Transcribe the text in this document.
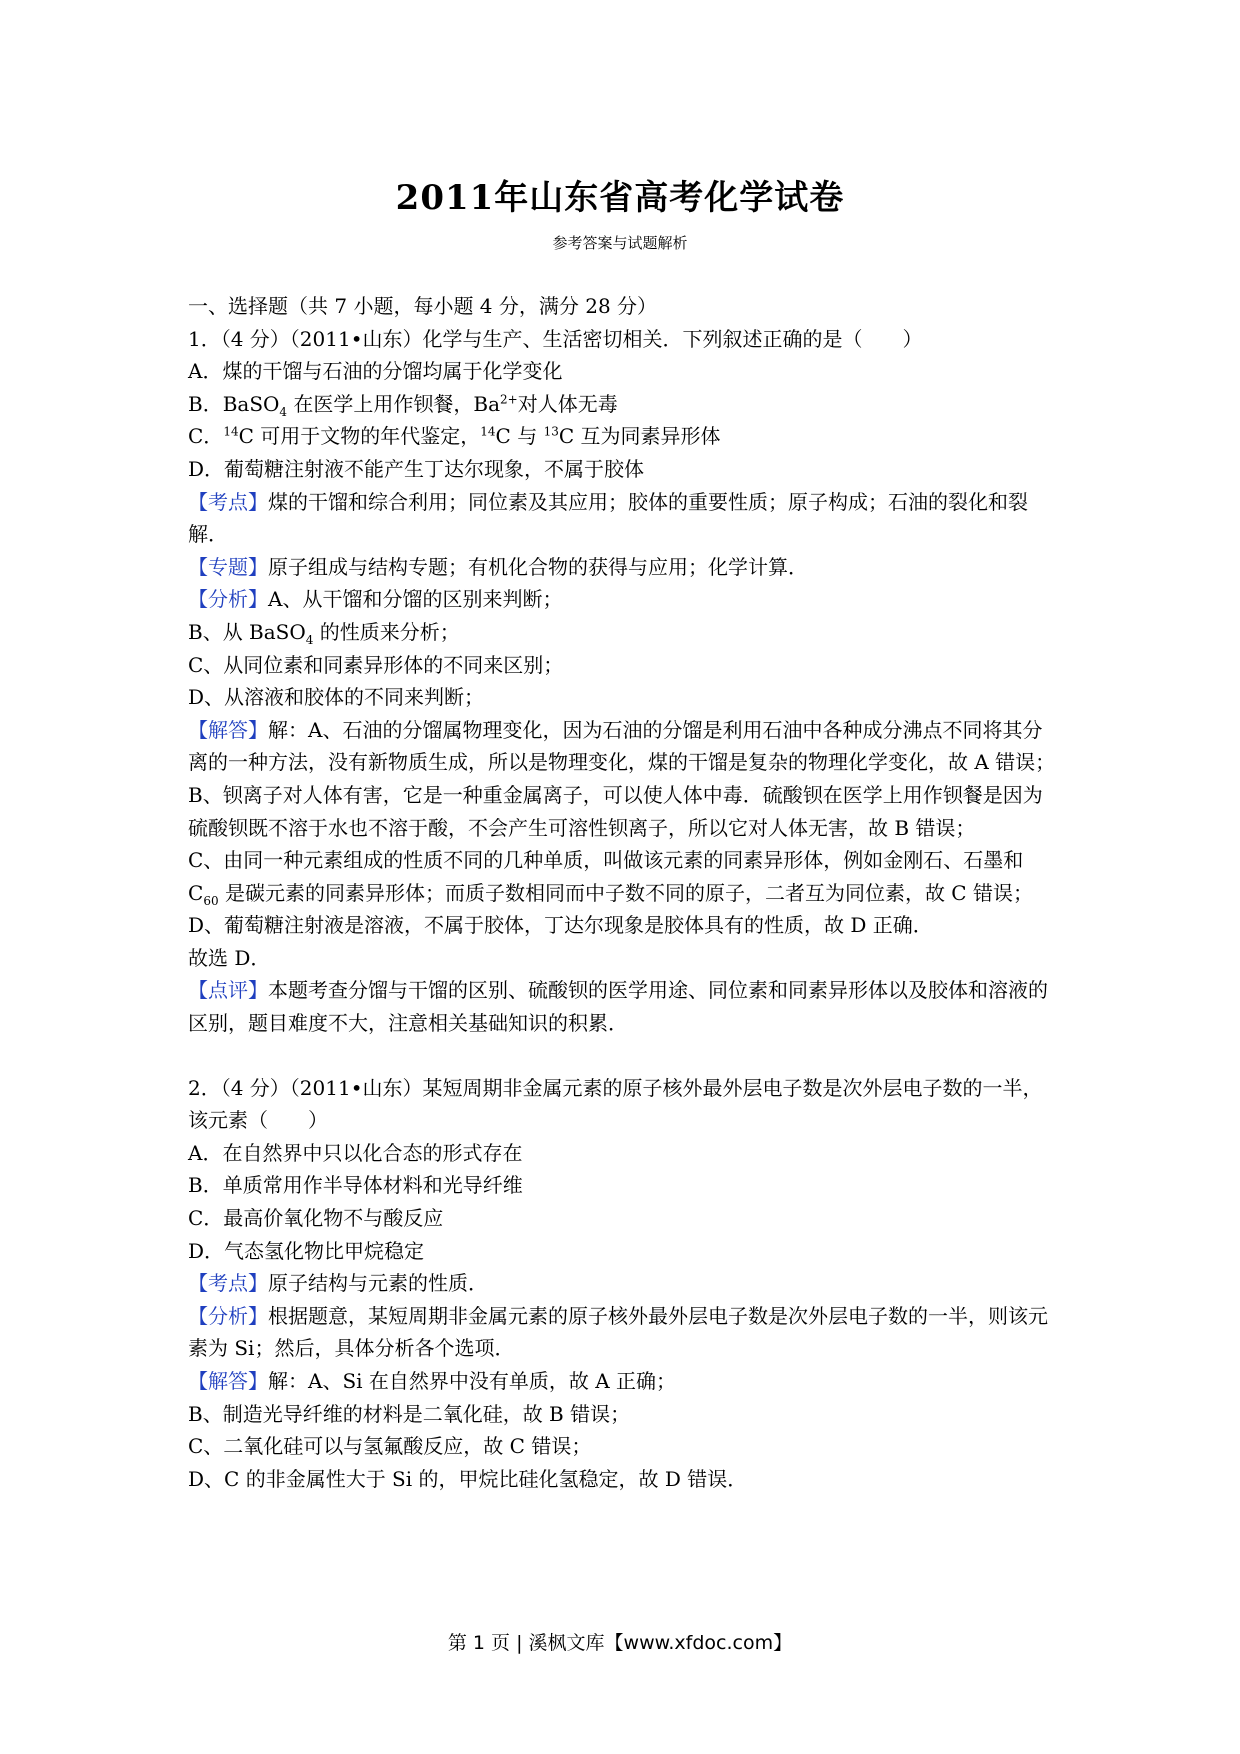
2011年山东省高考化学试卷
参考答案与试题解析

一、选择题（共 7 小题，每小题 4 分，满分 28 分）

1．（4 分）（2011•山东）化学与生产、生活密切相关．下列叙述正确的是（　　）

A．煤的干馏与石油的分馏均属于化学变化

B．BaSO$_4$ 在医学上用作钡餐，$Ba^{2+}$对人体无毒

C．$^{14}$C 可用于文物的年代鉴定，$^{14}$C 与 $^{13}$C 互为同素异形体

D．葡萄糖注射液不能产生丁达尔现象，不属于胶体

【考点】煤的干馏和综合利用；同位素及其应用；胶体的重要性质；原子构成；石油的裂化和裂解．

【专题】原子组成与结构专题；有机化合物的获得与应用；化学计算．

【分析】A、从干馏和分馏的区别来判断；

B、从 BaSO$_4$ 的性质来分析；

C、从同位素和同素异形体的不同来区别；

D、从溶液和胶体的不同来判断；

【解答】解：A、石油的分馏属物理变化，因为石油的分馏是利用石油中各种成分沸点不同将其分离的一种方法，没有新物质生成，所以是物理变化，煤的干馏是复杂的物理化学变化，故 A 错误；

B、钡离子对人体有害，它是一种重金属离子，可以使人体中毒．硫酸钡在医学上用作钡餐是因为硫酸钡既不溶于水也不溶于酸，不会产生可溶性钡离子，所以它对人体无害，故 B 错误；

C、由同一种元素组成的性质不同的几种单质，叫做该元素的同素异形体，例如金刚石、石墨和 $C_{60}$ 是碳元素的同素异形体；而质子数相同而中子数不同的原子，二者互为同位素，故 C 错误；

D、葡萄糖注射液是溶液，不属于胶体，丁达尔现象是胶体具有的性质，故 D 正确．

故选 D．

【点评】本题考查分馏与干馏的区别、硫酸钡的医学用途、同位素和同素异形体以及胶体和溶液的区别，题目难度不大，注意相关基础知识的积累．

2．（4 分）（2011•山东）某短周期非金属元素的原子核外最外层电子数是次外层电子数的一半，该元素（　　）

A．在自然界中只以化合态的形式存在

B．单质常用作半导体材料和光导纤维

C．最高价氧化物不与酸反应

D．气态氢化物比甲烷稳定

【考点】原子结构与元素的性质．

【分析】根据题意，某短周期非金属元素的原子核外最外层电子数是次外层电子数的一半，则该元素为 Si；然后，具体分析各个选项．

【解答】解：A、Si 在自然界中没有单质，故 A 正确；

B、制造光导纤维的材料是二氧化硅，故 B 错误；

C、二氧化硅可以与氢氟酸反应，故 C 错误；

D、C 的非金属性大于 Si 的，甲烷比硅化氢稳定，故 D 错误．

第 1 页 | 溪枫文库【www.xfdoc.com】
